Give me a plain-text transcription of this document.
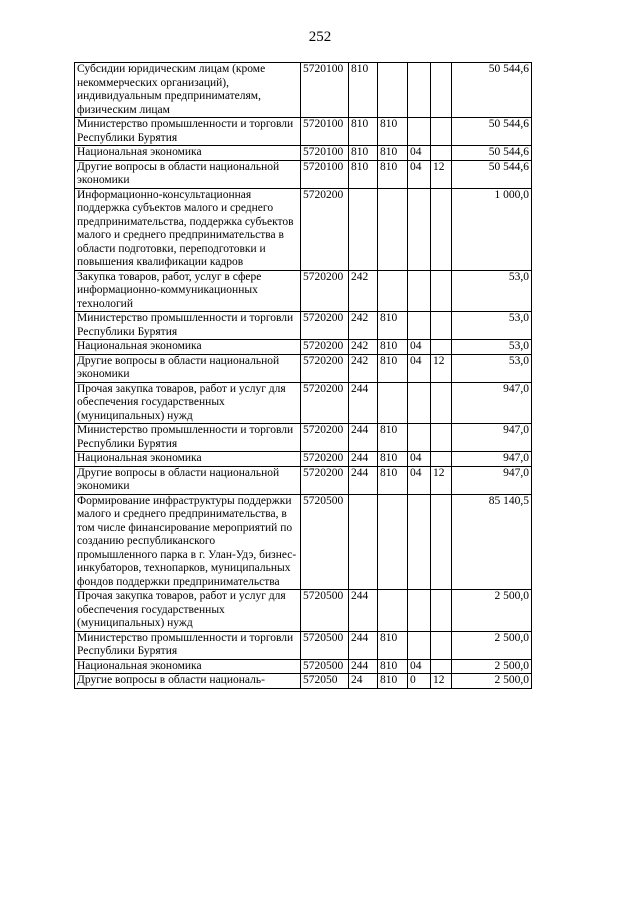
252
Субсидии юридическим лицам (кроме некоммерческих организаций), индивидуальным предпринимателям, физическим лицам	5720100	810				50 544,6
Министерство промышленности и торговли Республики Бурятия	5720100	810	810			50 544,6
Национальная экономика	5720100	810	810	04		50 544,6
Другие вопросы в области национальной экономики	5720100	810	810	04	12	50 544,6
Информационно-консультационная поддержка субъектов малого и среднего предпринимательства, поддержка субъектов малого и среднего предпринимательства в области подготовки, переподготовки и повышения квалификации кадров	5720200					1 000,0
Закупка товаров, работ, услуг в сфере информационно-коммуникационных технологий	5720200	242				53,0
Министерство промышленности и торговли Республики Бурятия	5720200	242	810			53,0
Национальная экономика	5720200	242	810	04		53,0
Другие вопросы в области национальной экономики	5720200	242	810	04	12	53,0
Прочая закупка товаров, работ и услуг для обеспечения государственных (муниципальных) нужд	5720200	244				947,0
Министерство промышленности и торговли Республики Бурятия	5720200	244	810			947,0
Национальная экономика	5720200	244	810	04		947,0
Другие вопросы в области национальной экономики	5720200	244	810	04	12	947,0
Формирование инфраструктуры поддержки малого и среднего предпринимательства, в том числе финансирование мероприятий по созданию республиканского промышленного парка в г. Улан-Удэ, бизнес-инкубаторов, технопарков, муниципальных фондов поддержки предпринимательства	5720500					85 140,5
Прочая закупка товаров, работ и услуг для обеспечения государственных (муниципальных) нужд	5720500	244				2 500,0
Министерство промышленности и торговли Республики Бурятия	5720500	244	810			2 500,0
Национальная экономика	5720500	244	810	04		2 500,0
Другие вопросы в области националь-	572050	24	810	0	12	2 500,0
